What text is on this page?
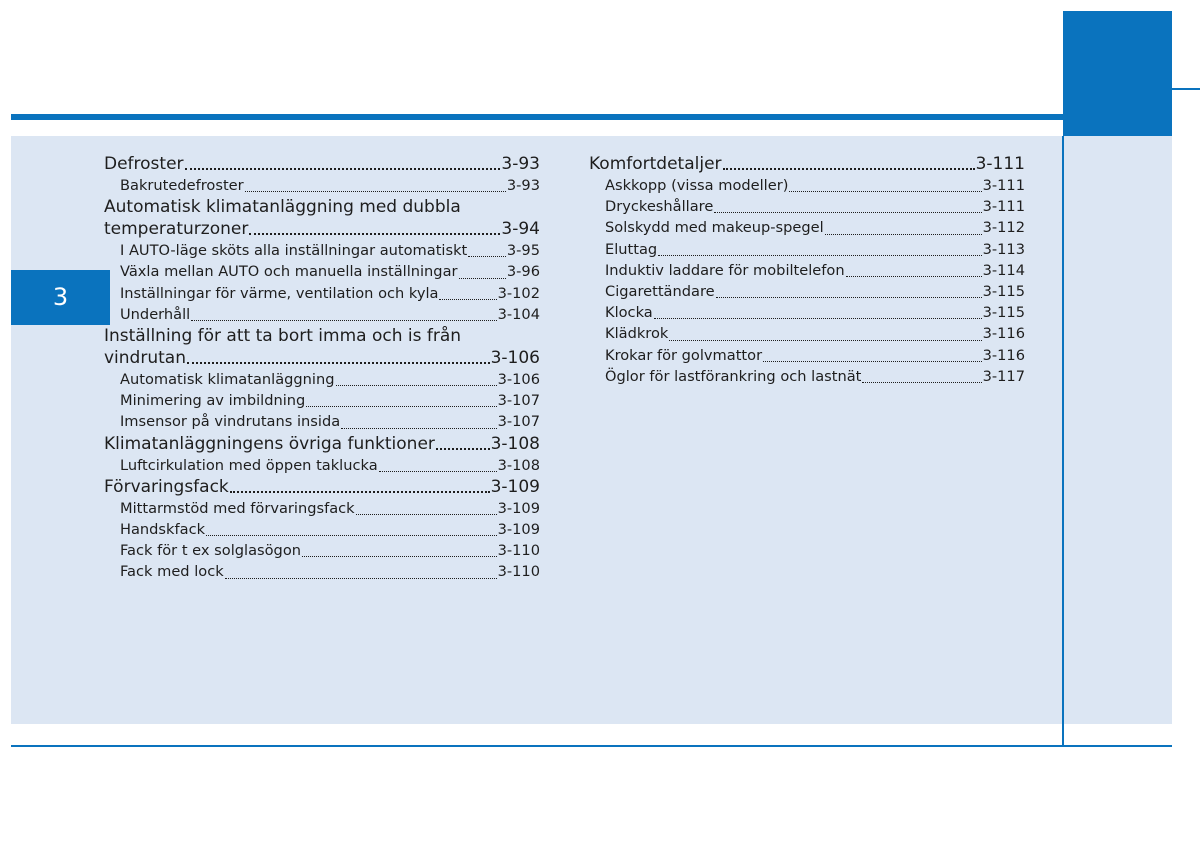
3
Defroster	3-93
Bakrutedefroster	3-93
Automatisk klimatanläggning med dubbla
temperaturzoner	3-94
I AUTO-läge sköts alla inställningar automatiskt	3-95
Växla mellan AUTO och manuella inställningar	3-96
Inställningar för värme, ventilation och kyla	3-102
Underhåll	3-104
Inställning för att ta bort imma och is från
vindrutan	3-106
Automatisk klimatanläggning	3-106
Minimering av imbildning	3-107
Imsensor på vindrutans insida	3-107
Klimatanläggningens övriga funktioner	3-108
Luftcirkulation med öppen taklucka	3-108
Förvaringsfack	3-109
Mittarmstöd med förvaringsfack	3-109
Handskfack	3-109
Fack för t ex solglasögon	3-110
Fack med lock	3-110
Komfortdetaljer	3-111
Askkopp (vissa modeller)	3-111
Dryckeshållare	3-111
Solskydd med makeup-spegel	3-112
Eluttag	3-113
Induktiv laddare för mobiltelefon	3-114
Cigarettändare	3-115
Klocka	3-115
Klädkrok	3-116
Krokar för golvmattor	3-116
Öglor för lastförankring och lastnät	3-117
